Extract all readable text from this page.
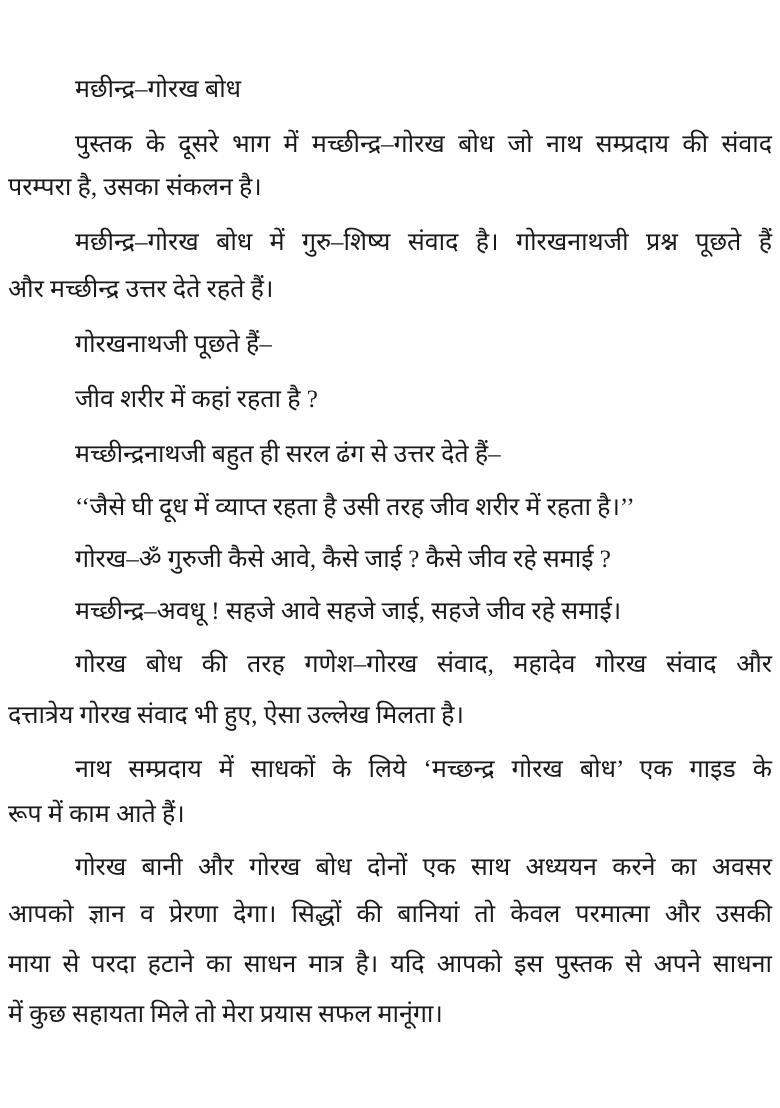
मछीन्द्र–गोरख बोध
पुस्तक के दूसरे भाग में मच्छीन्द्र–गोरख बोध जो नाथ सम्प्रदाय की संवाद
परम्परा है, उसका संकलन है।
मछीन्द्र–गोरख बोध में गुरु–शिष्य संवाद है। गोरखनाथजी प्रश्न पूछते हैं
और मच्छीन्द्र उत्तर देते रहते हैं।
गोरखनाथजी पूछते हैं–
जीव शरीर में कहां रहता है ?
मच्छीन्द्रनाथजी बहुत ही सरल ढंग से उत्तर देते हैं–
‘‘जैसे घी दूध में व्याप्त रहता है उसी तरह जीव शरीर में रहता है।’’
गोरख–ॐ गुरुजी कैसे आवे, कैसे जाई ? कैसे जीव रहे समाई ?
मच्छीन्द्र–अवधू ! सहजे आवे सहजे जाई, सहजे जीव रहे समाई।
गोरख बोध की तरह गणेश–गोरख संवाद, महादेव गोरख संवाद और
दत्तात्रेय गोरख संवाद भी हुए, ऐसा उल्लेख मिलता है।
नाथ सम्प्रदाय में साधकों के लिये ‘मच्छन्द्र गोरख बोध’ एक गाइड के
रूप में काम आते हैं।
गोरख बानी और गोरख बोध दोनों एक साथ अध्ययन करने का अवसर
आपको ज्ञान व प्रेरणा देगा। सिद्धों की बानियां तो केवल परमात्मा और उसकी
माया से परदा हटाने का साधन मात्र है। यदि आपको इस पुस्तक से अपने साधना
में कुछ सहायता मिले तो मेरा प्रयास सफल मानूंगा।
